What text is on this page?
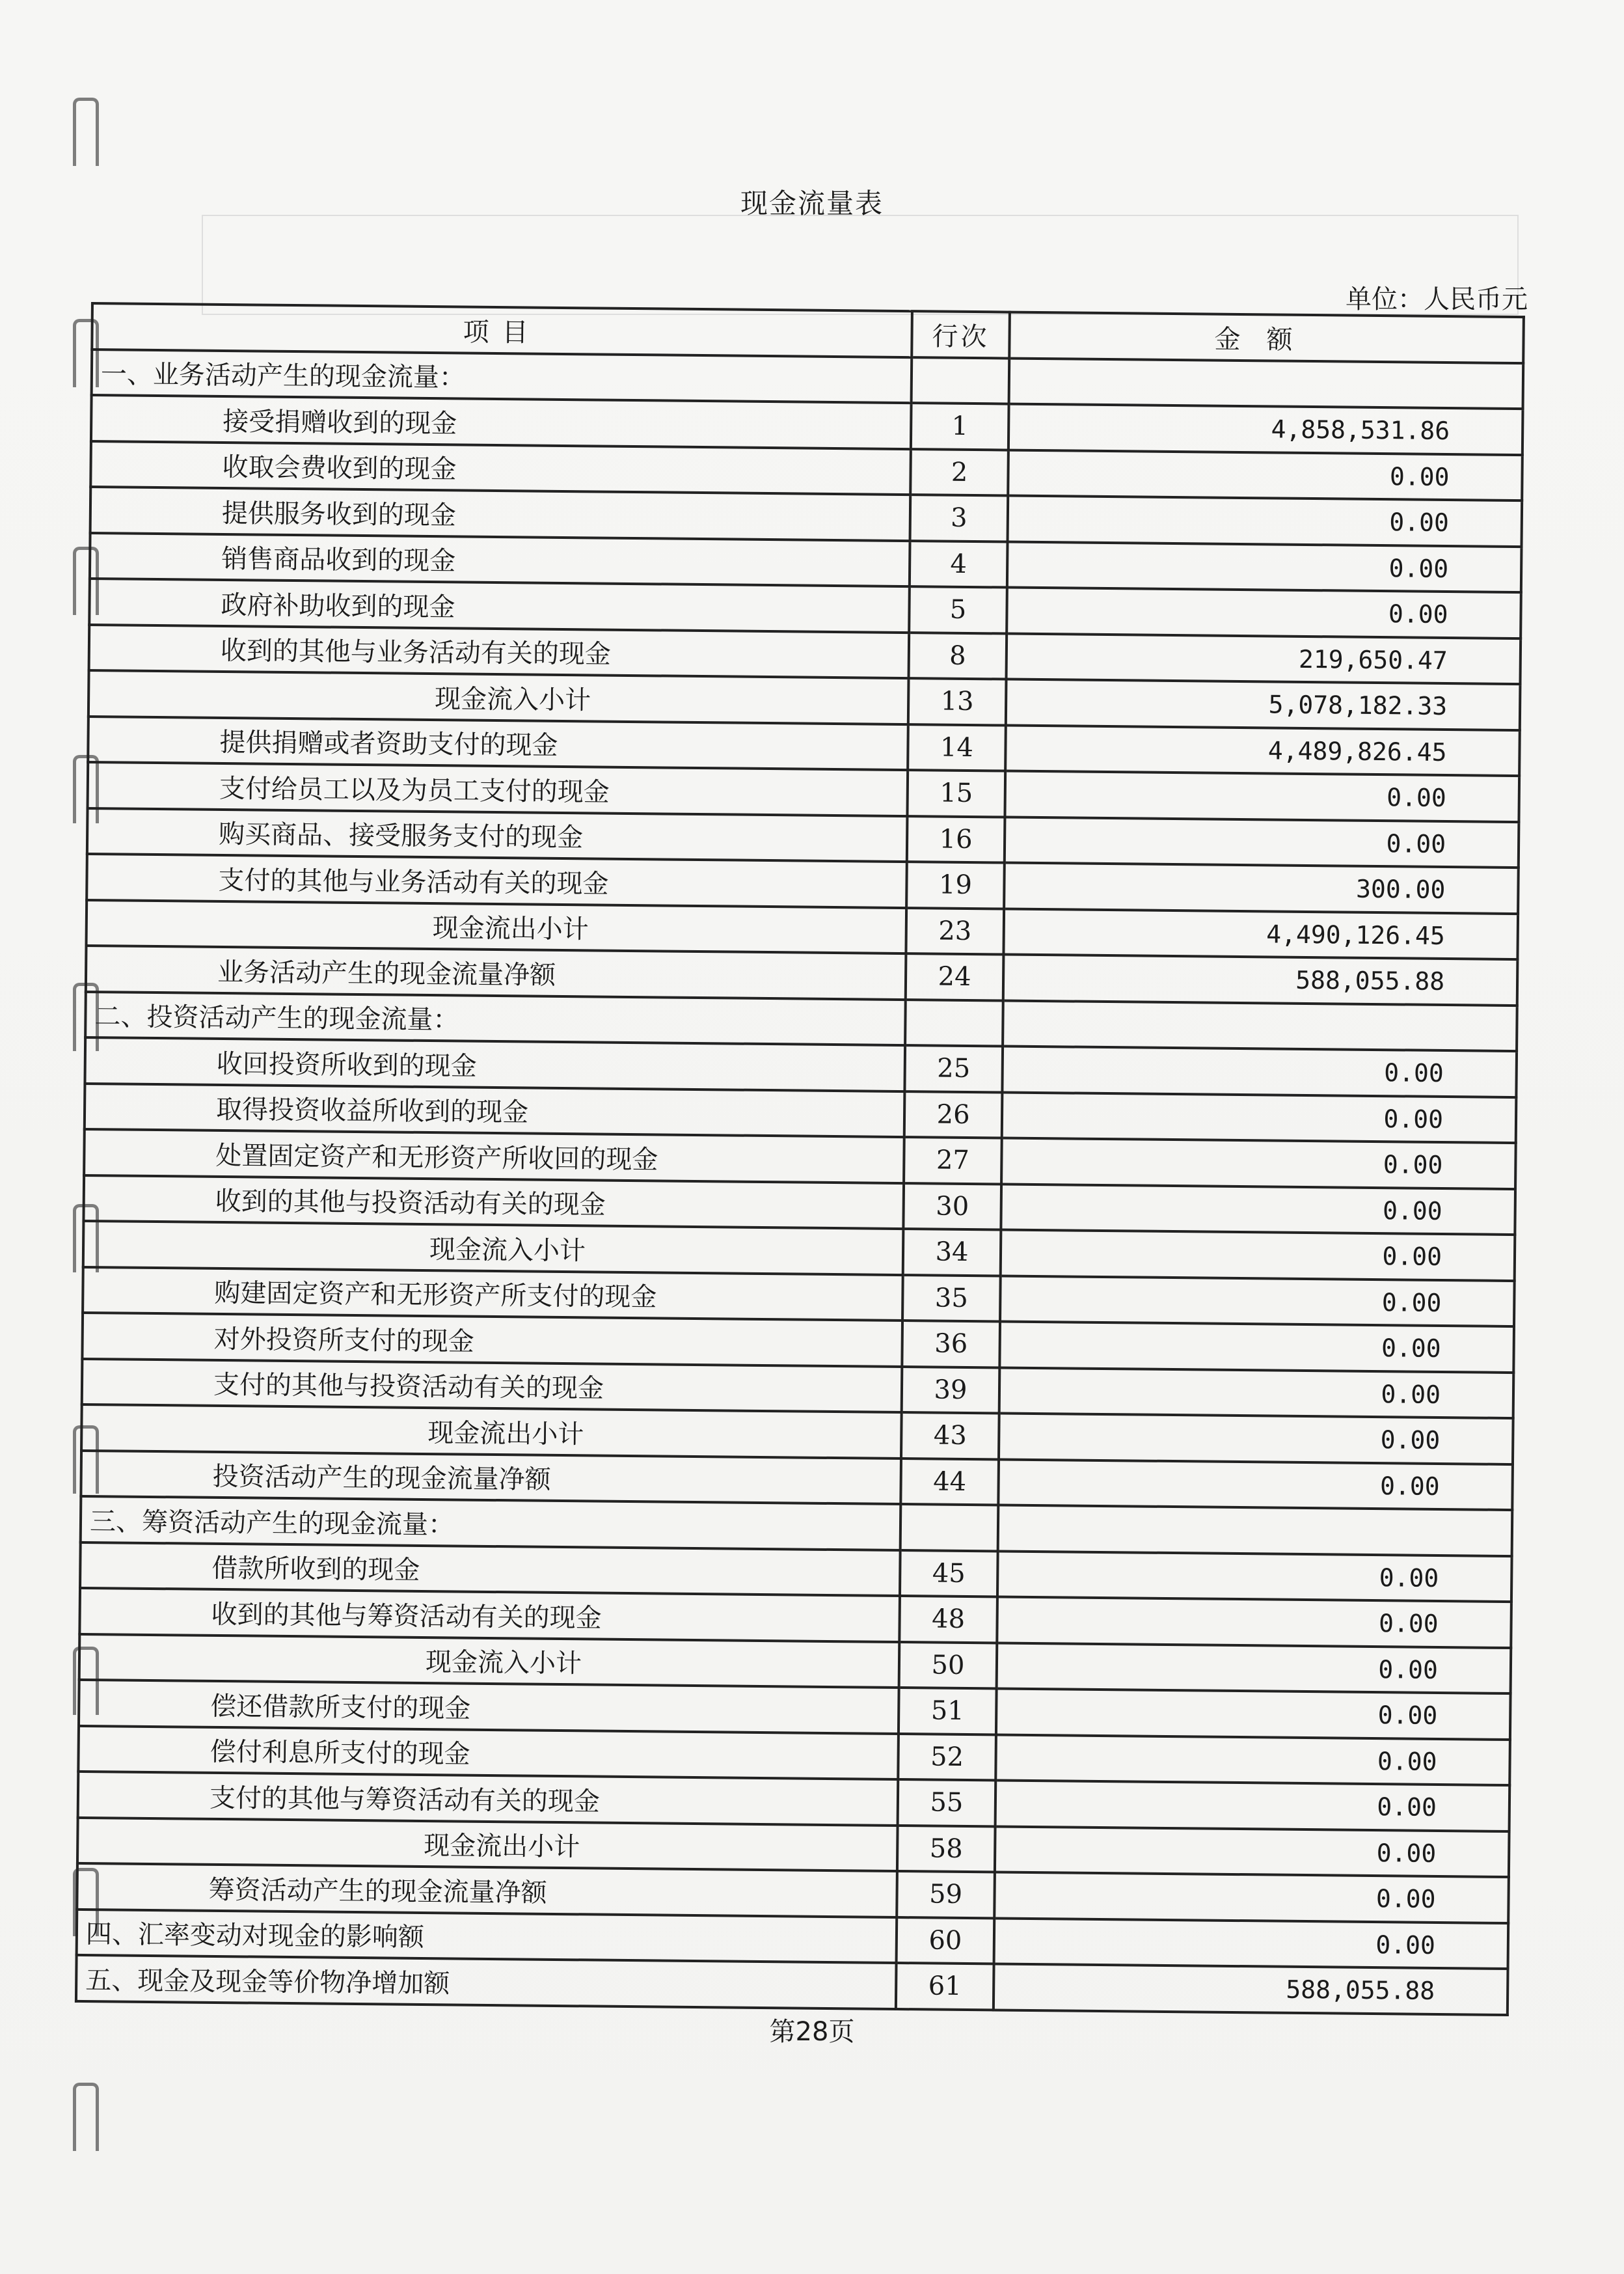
现金流量表
单位：人民币元
项目	行次	金额
一、业务活动产生的现金流量：		
接受捐赠收到的现金	1	4,858,531.86
收取会费收到的现金	2	0.00
提供服务收到的现金	3	0.00
销售商品收到的现金	4	0.00
政府补助收到的现金	5	0.00
收到的其他与业务活动有关的现金	8	219,650.47
现金流入小计	13	5,078,182.33
提供捐赠或者资助支付的现金	14	4,489,826.45
支付给员工以及为员工支付的现金	15	0.00
购买商品、接受服务支付的现金	16	0.00
支付的其他与业务活动有关的现金	19	300.00
现金流出小计	23	4,490,126.45
业务活动产生的现金流量净额	24	588,055.88
二、投资活动产生的现金流量：		
收回投资所收到的现金	25	0.00
取得投资收益所收到的现金	26	0.00
处置固定资产和无形资产所收回的现金	27	0.00
收到的其他与投资活动有关的现金	30	0.00
现金流入小计	34	0.00
购建固定资产和无形资产所支付的现金	35	0.00
对外投资所支付的现金	36	0.00
支付的其他与投资活动有关的现金	39	0.00
现金流出小计	43	0.00
投资活动产生的现金流量净额	44	0.00
三、筹资活动产生的现金流量：		
借款所收到的现金	45	0.00
收到的其他与筹资活动有关的现金	48	0.00
现金流入小计	50	0.00
偿还借款所支付的现金	51	0.00
偿付利息所支付的现金	52	0.00
支付的其他与筹资活动有关的现金	55	0.00
现金流出小计	58	0.00
筹资活动产生的现金流量净额	59	0.00
四、汇率变动对现金的影响额	60	0.00
五、现金及现金等价物净增加额	61	588,055.88
第28页
